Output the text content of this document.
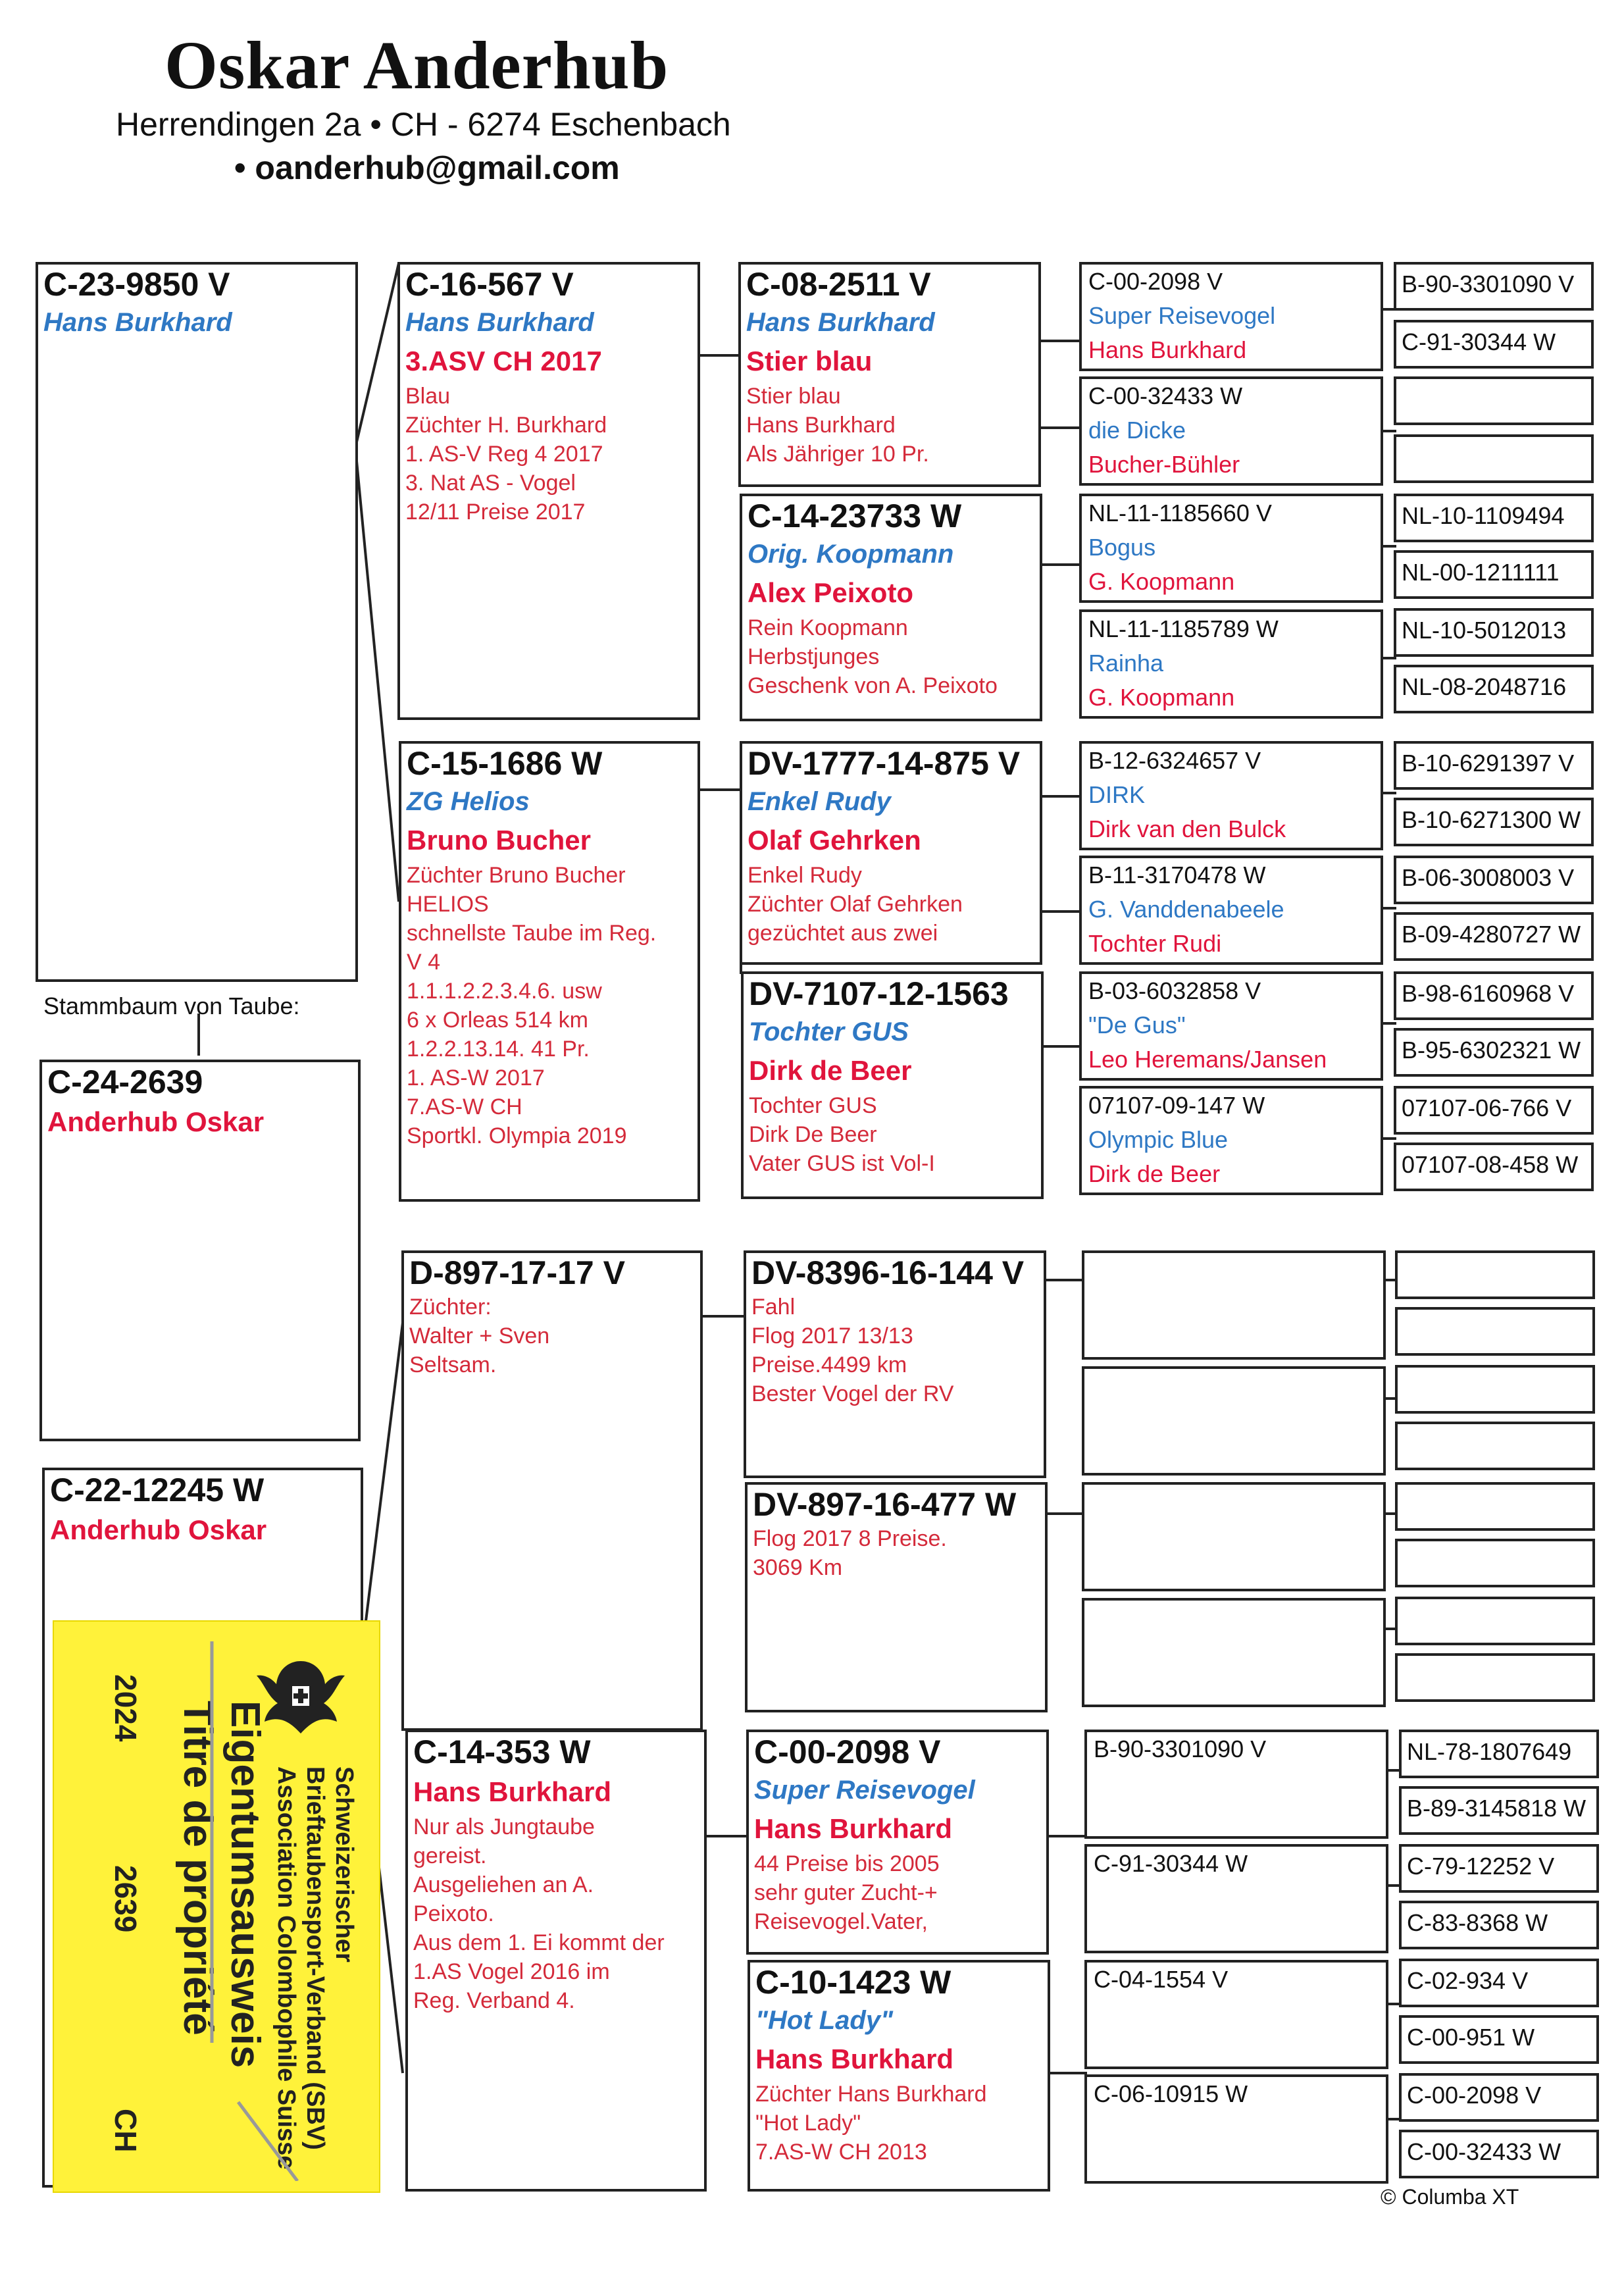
Oskar Anderhub
Herrendingen 2a • CH - 6274 Eschenbach
• oanderhub@gmail.com
C-23-9850 V
Hans Burkhard
Stammbaum von Taube:
C-24-2639
Anderhub Oskar
C-22-12245 W
Anderhub Oskar
C-16-567 V
Hans Burkhard
3.ASV CH 2017
Blau
Züchter H. Burkhard
1. AS-V Reg 4 2017
3. Nat AS - Vogel
12/11 Preise 2017
C-15-1686 W
ZG Helios
Bruno Bucher
Züchter Bruno Bucher
HELIOS
schnellste Taube im Reg.
V 4
1.1.1.2.2.3.4.6. usw
6 x Orleas 514 km
1.2.2.13.14. 41 Pr.
1. AS-W 2017
7.AS-W CH
Sportkl. Olympia 2019
D-897-17-17 V
Züchter:
Walter + Sven
Seltsam.
C-14-353 W
Hans Burkhard
Nur als Jungtaube
gereist.
Ausgeliehen an A.
Peixoto.
Aus dem 1. Ei kommt der
1.AS Vogel 2016 im
Reg. Verband 4.
C-08-2511 V
Hans Burkhard
Stier blau
Stier blau
Hans Burkhard
Als Jähriger 10 Pr.
C-14-23733 W
Orig. Koopmann
Alex Peixoto
Rein Koopmann
Herbstjunges
Geschenk von A. Peixoto
DV-1777-14-875 V
Enkel Rudy
Olaf Gehrken
Enkel Rudy
Züchter Olaf Gehrken
gezüchtet aus zwei
DV-7107-12-1563
Tochter GUS
Dirk de Beer
Tochter GUS
Dirk De Beer
Vater GUS ist Vol-I
DV-8396-16-144 V
Fahl
Flog 2017 13/13
Preise.4499 km
Bester Vogel der RV
DV-897-16-477 W
Flog 2017 8 Preise.
3069 Km
C-00-2098 V
Super Reisevogel
Hans Burkhard
44 Preise bis 2005
sehr guter Zucht-+
Reisevogel.Vater,
C-10-1423 W
"Hot Lady"
Hans Burkhard
Züchter Hans Burkhard
"Hot Lady"
7.AS-W CH 2013
C-00-2098 V
Super Reisevogel
Hans Burkhard
C-00-32433 W
die Dicke
Bucher-Bühler
NL-11-1185660 V
Bogus
G. Koopmann
NL-11-1185789 W
Rainha
G. Koopmann
B-12-6324657 V
DIRK
Dirk van den Bulck
B-11-3170478 W
G. Vanddenabeele
Tochter Rudi
B-03-6032858 V
"De Gus"
Leo Heremans/Jansen
07107-09-147 W
Olympic Blue
Dirk de Beer
B-90-3301090 V
C-91-30344 W
C-04-1554 V
C-06-10915 W
B-90-3301090 V
C-91-30344 W
NL-10-1109494
NL-00-1211111
NL-10-5012013
NL-08-2048716
B-10-6291397 V
B-10-6271300 W
B-06-3008003 V
B-09-4280727 W
B-98-6160968 V
B-95-6302321 W
07107-06-766 V
07107-08-458 W
NL-78-1807649
B-89-3145818 W
C-79-12252 V
C-83-8368 W
C-02-934 V
C-00-951 W
C-00-2098 V
C-00-32433 W
© Columba XT
Schweizerischer
Brieftaubensport-Verband (SBV)
Association Colombophile Suisse
Eigentumsausweis
Titre de propriété
2024
2639
CH
